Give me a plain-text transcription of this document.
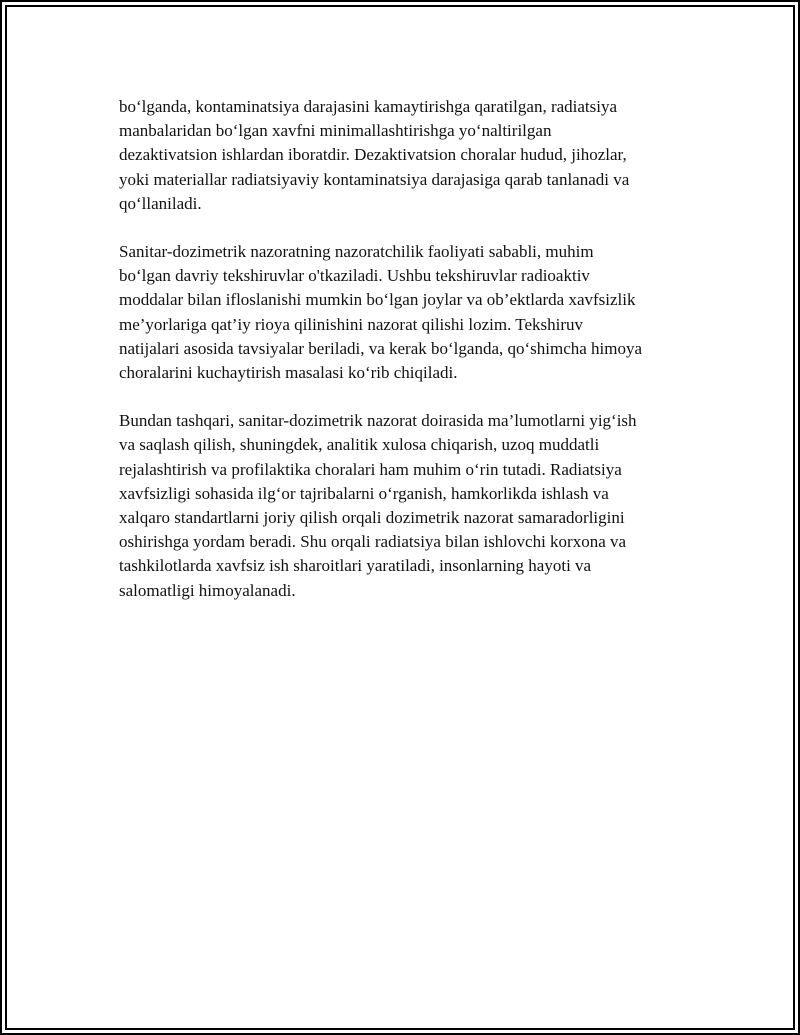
bo‘lganda, kontaminatsiya darajasini kamaytirishga qaratilgan, radiatsiya
manbalaridan bo‘lgan xavfni minimallashtirishga yo‘naltirilgan
dezaktivatsion ishlardan iboratdir. Dezaktivatsion choralar hudud, jihozlar,
yoki materiallar radiatsiyaviy kontaminatsiya darajasiga qarab tanlanadi va
qo‘llaniladi.

Sanitar-dozimetrik nazoratning nazoratchilik faoliyati sababli, muhim
bo‘lgan davriy tekshiruvlar o'tkaziladi. Ushbu tekshiruvlar radioaktiv
moddalar bilan ifloslanishi mumkin bo‘lgan joylar va ob’ektlarda xavfsizlik
me’yorlariga qat’iy rioya qilinishini nazorat qilishi lozim. Tekshiruv
natijalari asosida tavsiyalar beriladi, va kerak bo‘lganda, qo‘shimcha himoya
choralarini kuchaytirish masalasi ko‘rib chiqiladi.

Bundan tashqari, sanitar-dozimetrik nazorat doirasida ma’lumotlarni yig‘ish
va saqlash qilish, shuningdek, analitik xulosa chiqarish, uzoq muddatli
rejalashtirish va profilaktika choralari ham muhim o‘rin tutadi. Radiatsiya
xavfsizligi sohasida ilg‘or tajribalarni o‘rganish, hamkorlikda ishlash va
xalqaro standartlarni joriy qilish orqali dozimetrik nazorat samaradorligini
oshirishga yordam beradi. Shu orqali radiatsiya bilan ishlovchi korxona va
tashkilotlarda xavfsiz ish sharoitlari yaratiladi, insonlarning hayoti va
salomatligi himoyalanadi.
